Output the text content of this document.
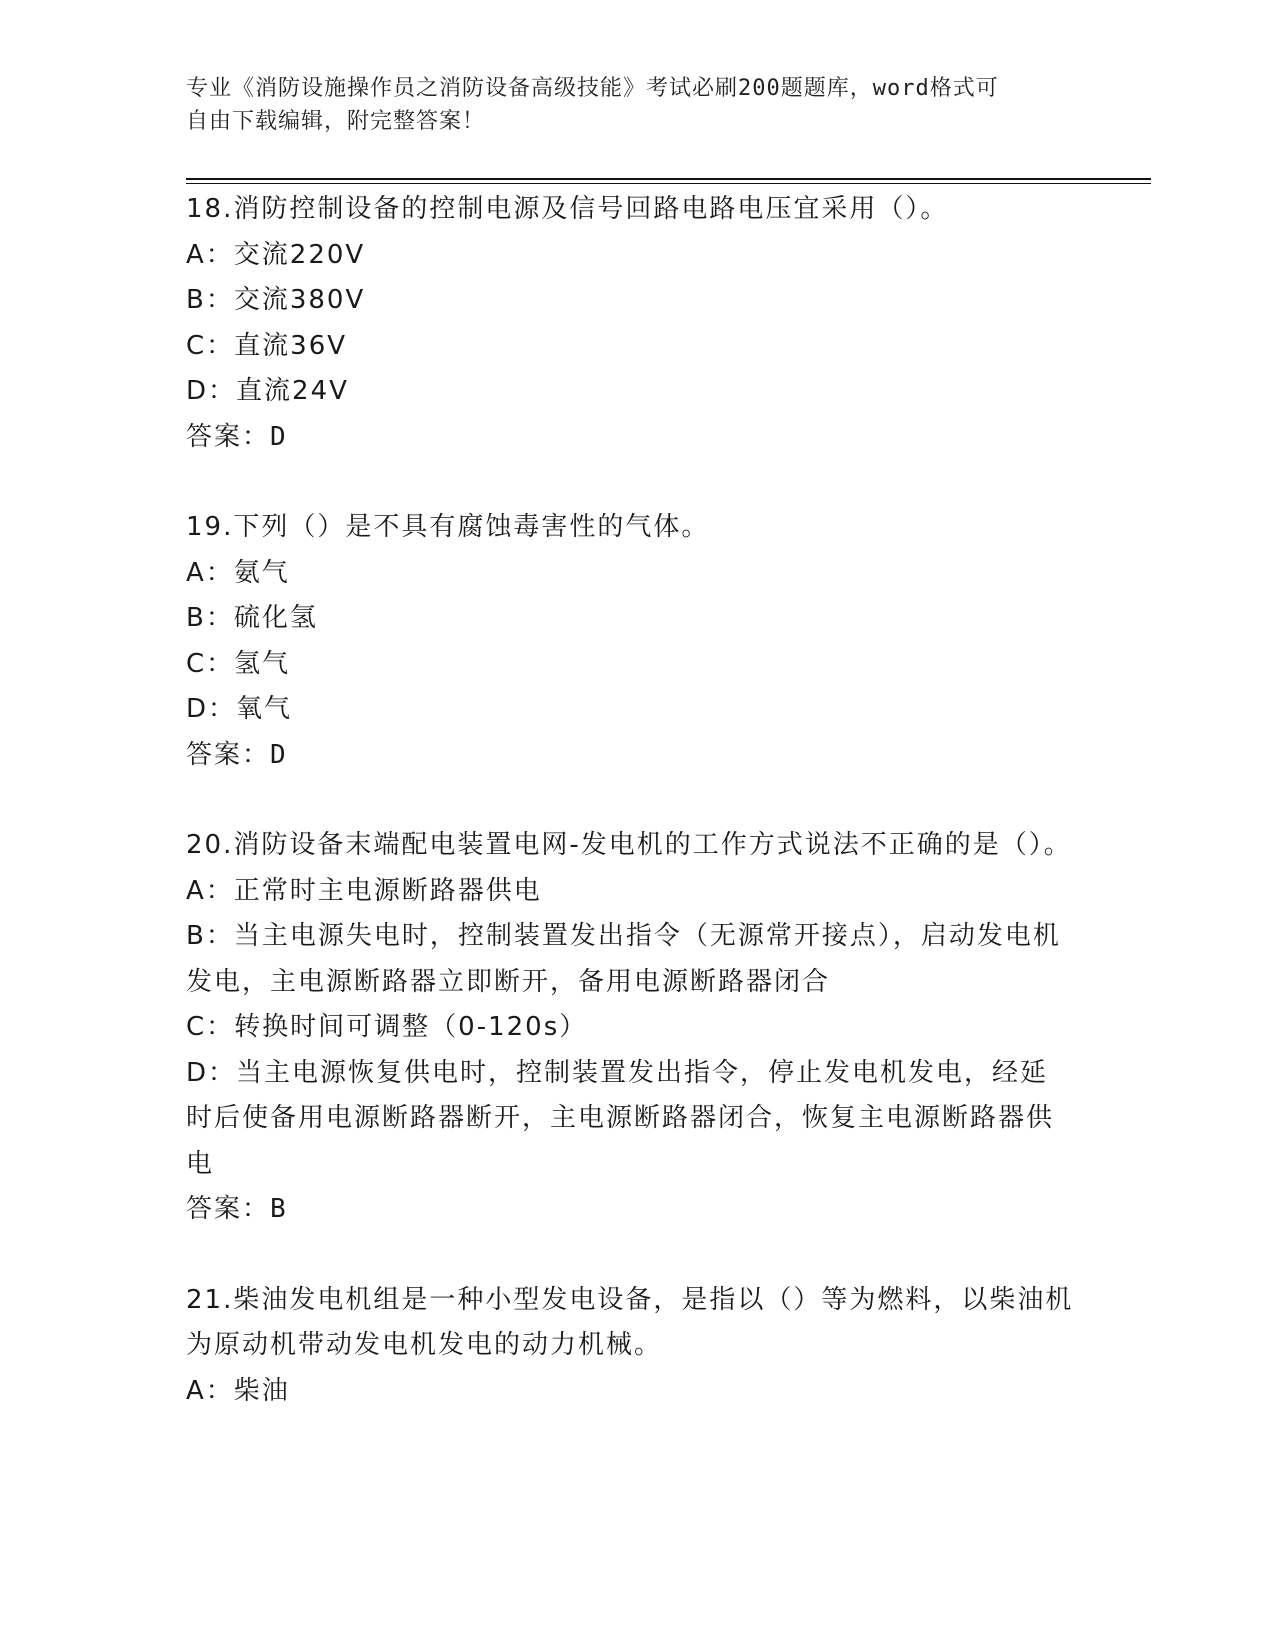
专业《消防设施操作员之消防设备高级技能》考试必刷200题题库，word格式可
自由下载编辑，附完整答案！

18.消防控制设备的控制电源及信号回路电路电压宜采用（）。

A：交流220V

B：交流380V

C：直流36V

D：直流24V

答案：D

19.下列（）是不具有腐蚀毒害性的气体。

A：氨气

B：硫化氢

C：氢气

D：氧气

答案：D

20.消防设备末端配电装置电网-发电机的工作方式说法不正确的是（）。

A：正常时主电源断路器供电

B：当主电源失电时，控制装置发出指令（无源常开接点），启动发电机发电，主电源断路器立即断开，备用电源断路器闭合

C：转换时间可调整（0-120s）

D：当主电源恢复供电时，控制装置发出指令，停止发电机发电，经延时后使备用电源断路器断开，主电源断路器闭合，恢复主电源断路器供电

答案：B

21.柴油发电机组是一种小型发电设备，是指以（）等为燃料，以柴油机为原动机带动发电机发电的动力机械。

A：柴油
